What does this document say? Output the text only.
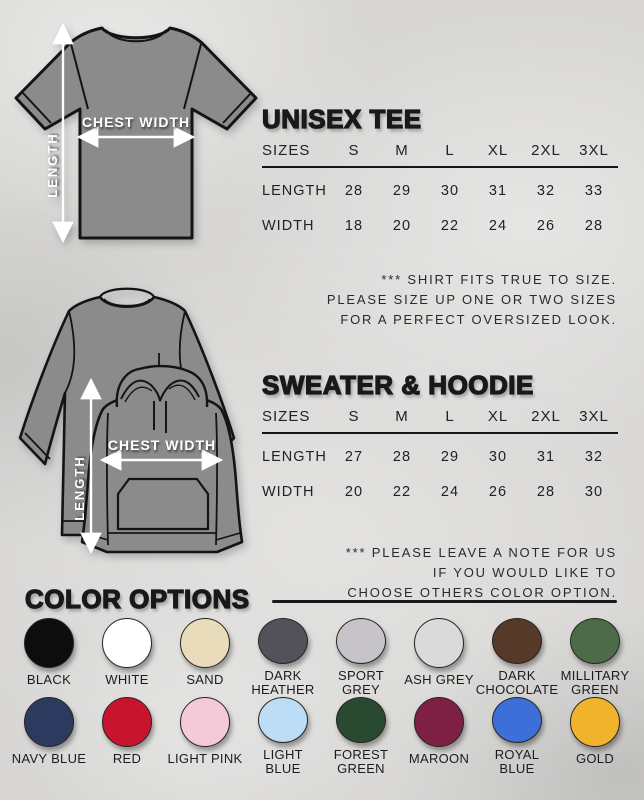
LENGTH
CHEST WIDTH	UNISEX TEE
SIZES	S	M	L	XL	2XL	3XL
LENGTH	28	29	30	31	32	33
WIDTH	18	20	22	24	26	28
*** SHIRT FITS TRUE TO SIZE.
PLEASE SIZE UP ONE OR TWO SIZES
FOR A PERFECT OVERSIZED LOOK.
LENGTH
CHEST WIDTH
SWEATER & HOODIE
SIZES	S	M	L	XL	2XL	3XL
LENGTH	27	28	29	30	31	32
WIDTH	20	22	24	26	28	30
*** PLEASE LEAVE A NOTE FOR US
IF YOU WOULD LIKE TO
CHOOSE OTHERS COLOR OPTION.
COLOR OPTIONS
BLACK	WHITE	SAND	DARK HEATHER
SPORT GREY
ASH GREY	DARK CHOCOLATE
MILLITARY GREEN
NAVY BLUE RED LIGHT PINK	LIGHT BLUE
FOREST GREEN
MAROON	ROYAL BLUE
GOLD
